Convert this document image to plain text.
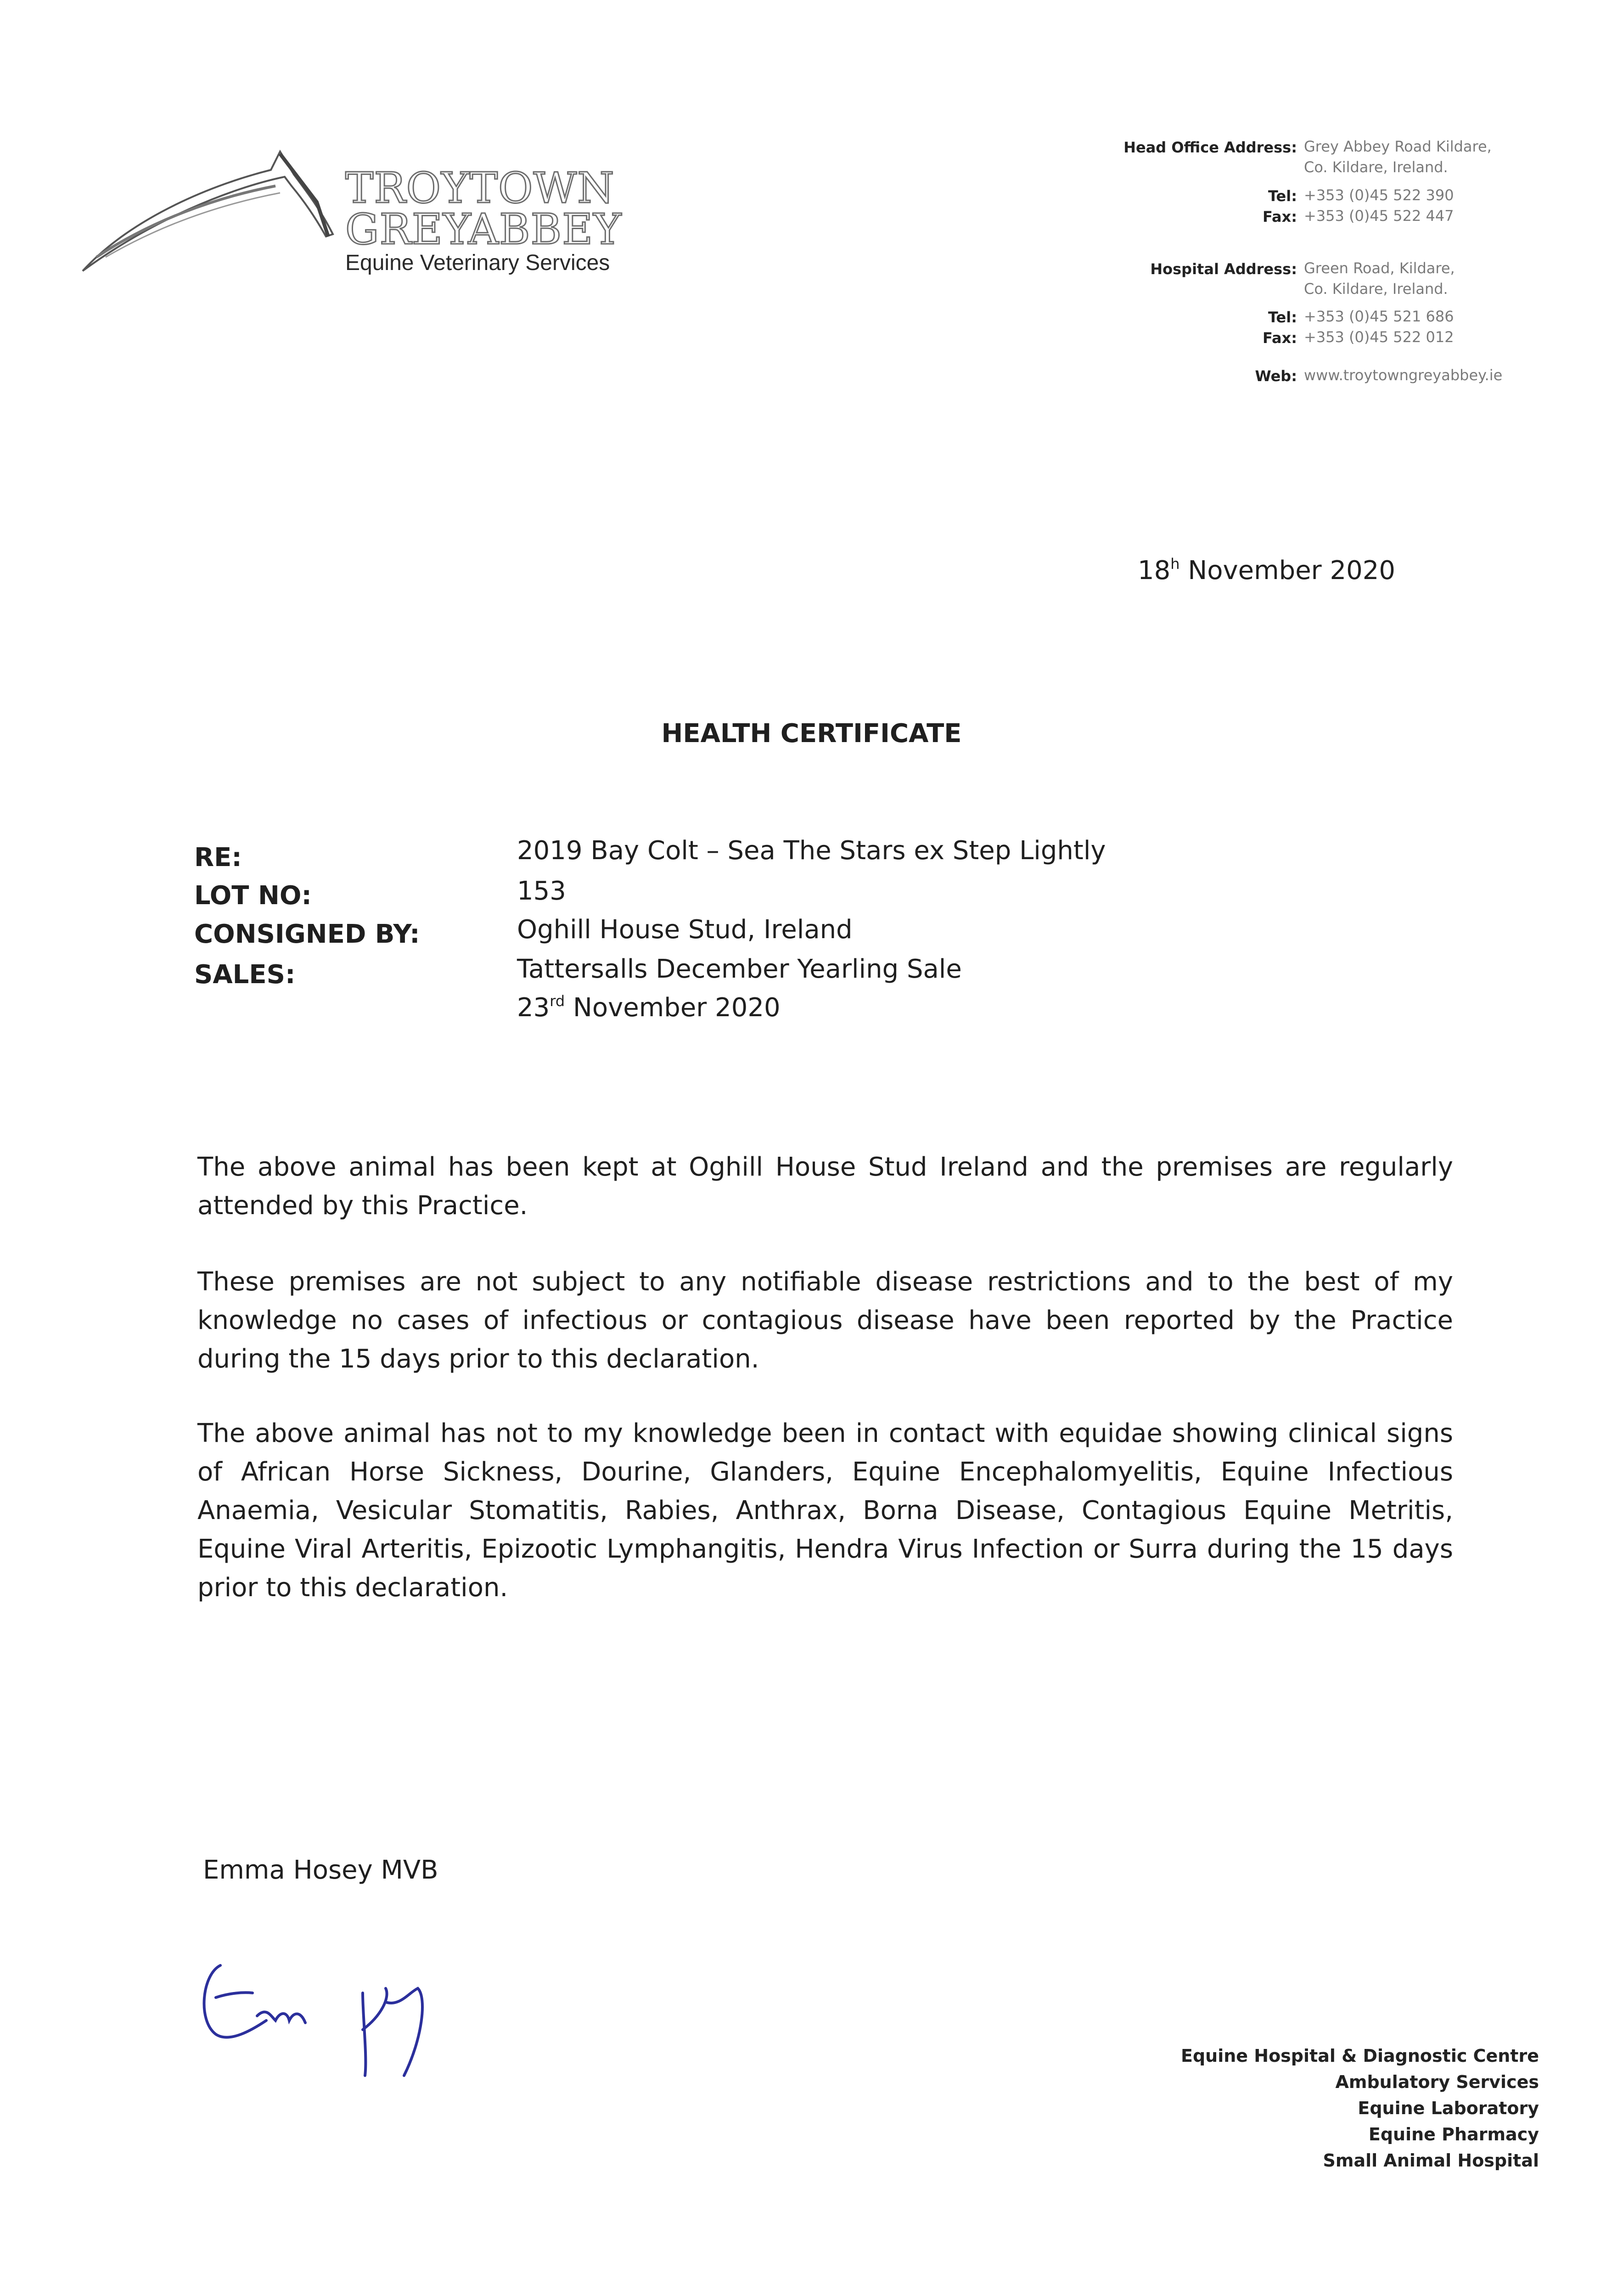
TROYTOWN
GREYABBEY
Equine Veterinary Services
Head Office Address: Grey Abbey Road Kildare,
Co. Kildare, Ireland.
Tel: +353 (0)45 522 390
Fax: +353 (0)45 522 447
Hospital Address: Green Road, Kildare,
Co. Kildare, Ireland.
Tel: +353 (0)45 521 686
Fax: +353 (0)45 522 012
Web: www.troytowngreyabbey.ie
18$^h$ November 2020
HEALTH CERTIFICATE
RE:	2019 Bay Colt – Sea The Stars ex Step Lightly
LOT NO:	153
CONSIGNED BY:	Oghill House Stud, Ireland
SALES:	Tattersalls December Yearling Sale
23rd November 2020
The above animal has been kept at Oghill House Stud Ireland and the premises are regularly attended by this Practice.
These premises are not subject to any notifiable disease restrictions and to the best of my knowledge no cases of infectious or contagious disease have been reported by the Practice during the 15 days prior to this declaration.
The above animal has not to my knowledge been in contact with equidae showing clinical signs of African Horse Sickness, Dourine, Glanders, Equine Encephalomyelitis, Equine Infectious Anaemia, Vesicular Stomatitis, Rabies, Anthrax, Borna Disease, Contagious Equine Metritis, Equine Viral Arteritis, Epizootic Lymphangitis, Hendra Virus Infection or Surra during the 15 days prior to this declaration.
Emma Hosey MVB
Equine Hospital & Diagnostic Centre
Ambulatory Services
Equine Laboratory
Equine Pharmacy
Small Animal Hospital
